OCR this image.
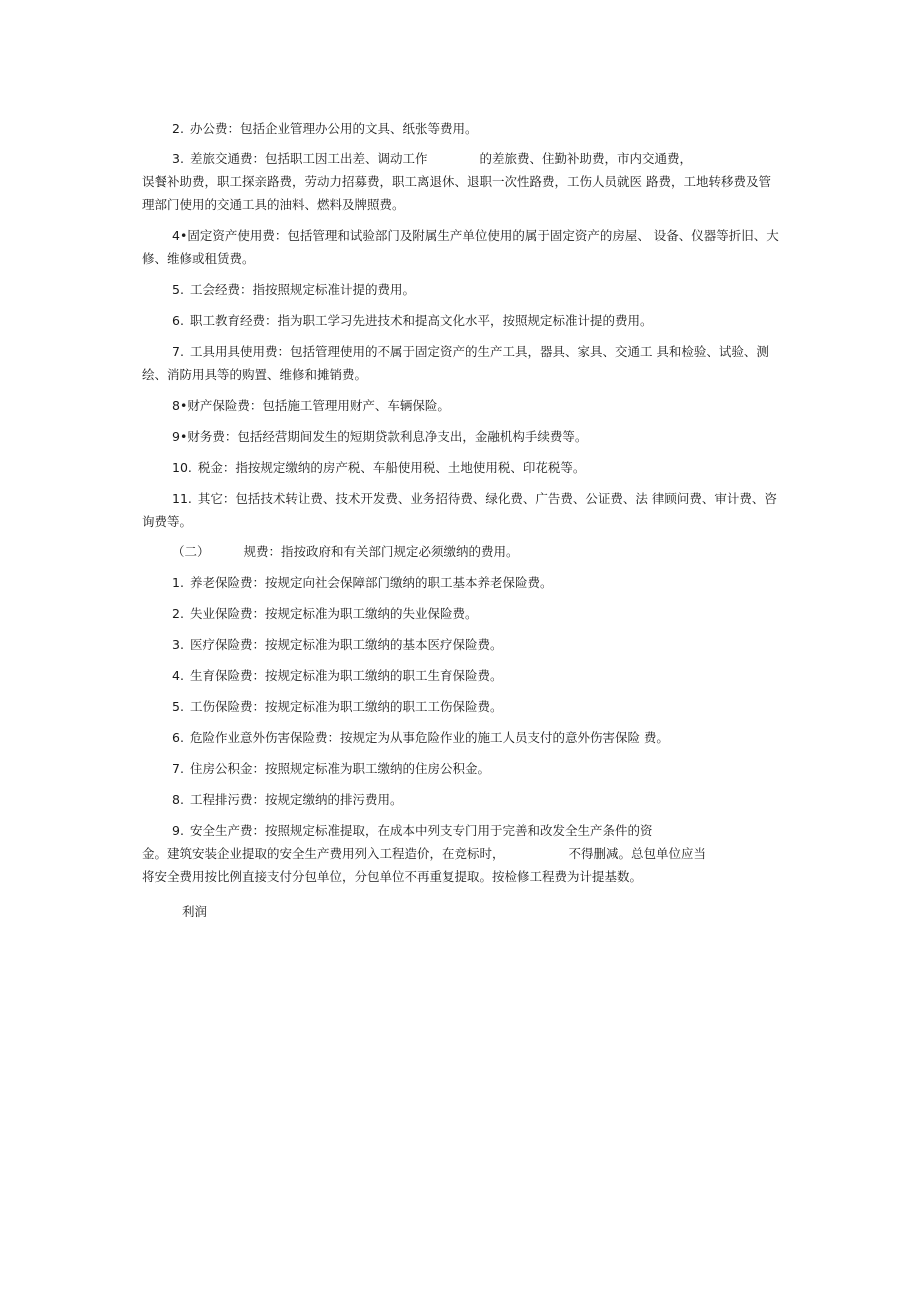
2. 办公费：包括企业管理办公用的文具、纸张等费用。
3. 差旅交通费：包括职工因工出差、调动工作	的差旅费、住勤补助费，市内交通费，
误餐补助费，职工探亲路费，劳动力招募费，职工离退休、退职一次性路费，工伤人员就医 路费，工地转移费及管
理部门使用的交通工具的油料、燃料及牌照费。
4•固定资产使用费：包括管理和试验部门及附属生产单位使用的属于固定资产的房屋、 设备、仪器等折旧、大
修、维修或租赁费。
5. 工会经费：指按照规定标准计提的费用。
6. 职工教育经费：指为职工学习先进技术和提高文化水平，按照规定标准计提的费用。
7. 工具用具使用费：包括管理使用的不属于固定资产的生产工具，器具、家具、交通工 具和检验、试验、测
绘、消防用具等的购置、维修和摊销费。
8•财产保险费：包括施工管理用财产、车辆保险。
9•财务费：包括经营期间发生的短期贷款利息净支出，金融机构手续费等。
10. 税金：指按规定缴纳的房产税、车船使用税、土地使用税、印花税等。
11. 其它：包括技术转让费、技术开发费、业务招待费、绿化费、广告费、公证费、法 律顾问费、审计费、咨
询费等。
（二）	规费：指按政府和有关部门规定必须缴纳的费用。
1. 养老保险费：按规定向社会保障部门缴纳的职工基本养老保险费。
2. 失业保险费：按规定标准为职工缴纳的失业保险费。
3. 医疗保险费：按规定标准为职工缴纳的基本医疗保险费。
4. 生育保险费：按规定标准为职工缴纳的职工生育保险费。
5. 工伤保险费：按规定标准为职工缴纳的职工工伤保险费。
6. 危险作业意外伤害保险费：按规定为从事危险作业的施工人员支付的意外伤害保险 费。
7. 住房公积金：按照规定标准为职工缴纳的住房公积金。
8. 工程排污费：按规定缴纳的排污费用。
9. 安全生产费：按照规定标准提取，在成本中列支专门用于完善和改发全生产条件的资
金。建筑安装企业提取的安全生产费用列入工程造价，在竞标时，	不得删减。总包单位应当
将安全费用按比例直接支付分包单位，分包单位不再重复提取。按检修工程费为计提基数。
利润
